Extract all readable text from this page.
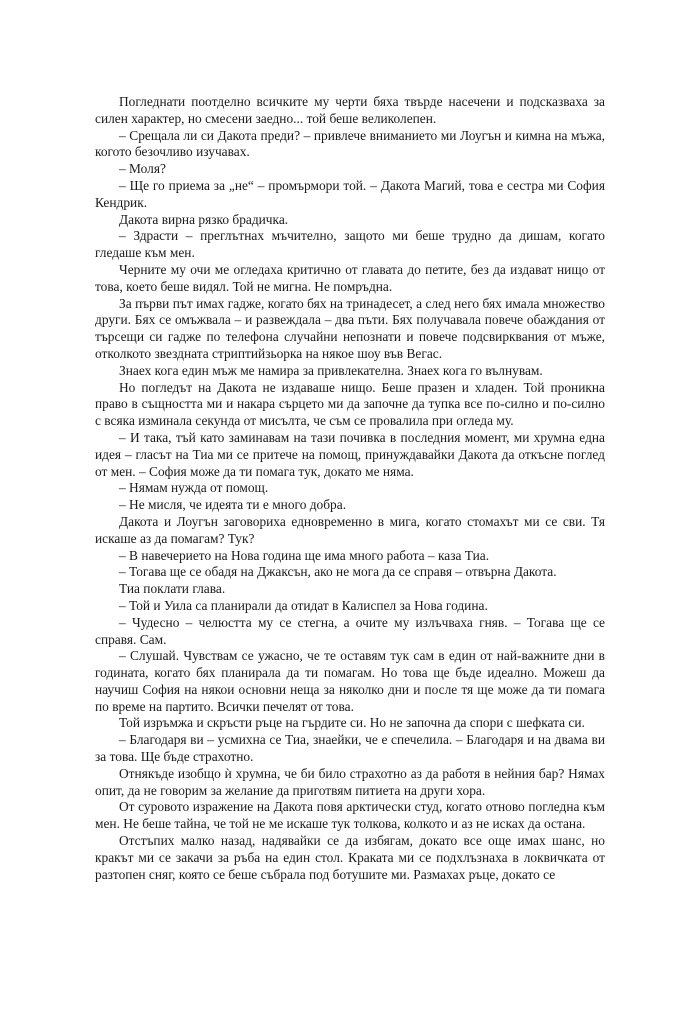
Погледнати поотделно всичките му черти бяха твърде насечени и подсказваха за силен характер, но смесени заедно... той беше великолепен.

– Срещала ли си Дакота преди? – привлече вниманието ми Лоугън и кимна на мъжа, когото безочливо изучавах.

– Моля?

– Ще го приема за „не“ – промърмори той. – Дакота Магий, това е сестра ми София Кендрик.

Дакота вирна рязко брадичка.

– Здрасти – преглътнах мъчително, защото ми беше трудно да дишам, когато гледаше към мен.

Черните му очи ме огледаха критично от главата до петите, без да издават нищо от това, което беше видял. Той не мигна. Не помръдна.

За първи път имах гадже, когато бях на тринадесет, а след него бях имала множество други. Бях се омъжвала – и развеждала – два пъти. Бях получавала повече обаждания от търсещи си гадже по телефона случайни непознати и повече подсвирквания от мъже, отколкото звездната стриптийзьорка на някое шоу във Вегас.

Знаех кога един мъж ме намира за привлекателна. Знаех кога го вълнувам.

Но погледът на Дакота не издаваше нищо. Беше празен и хладен. Той проникна право в същността ми и накара сърцето ми да започне да тупка все по-силно и по-силно с всяка изминала секунда от мисълта, че съм се провалила при огледа му.

– И така, тъй като заминавам на тази почивка в последния момент, ми хрумна една идея – гласът на Тиа ми се притече на помощ, принуждавайки Дакота да откъсне поглед от мен. – София може да ти помага тук, докато ме няма.

– Нямам нужда от помощ.

– Не мисля, че идеята ти е много добра.

Дакота и Лоугън заговориха едновременно в мига, когато стомахът ми се сви. Тя искаше аз да помагам? Тук?

– В навечерието на Нова година ще има много работа – каза Тиа.

– Тогава ще се обадя на Джаксън, ако не мога да се справя – отвърна Дакота.

Тиа поклати глава.

– Той и Уила са планирали да отидат в Калиспел за Нова година.

– Чудесно – челюстта му се стегна, а очите му излъчваха гняв. – Тогава ще се справя. Сам.

– Слушай. Чувствам се ужасно, че те оставям тук сам в един от най-важните дни в годината, когато бях планирала да ти помагам. Но това ще бъде идеално. Можеш да научиш София на някои основни неща за няколко дни и после тя ще може да ти помага по време на партито. Всички печелят от това.

Той изръмжа и скръсти ръце на гърдите си. Но не започна да спори с шефката си.

– Благодаря ви – усмихна се Тиа, знаейки, че е спечелила. – Благодаря и на двама ви за това. Ще бъде страхотно.

Отнякъде изобщо ѝ хрумна, че би било страхотно аз да работя в нейния бар? Нямах опит, да не говорим за желание да приготвям питиета на други хора.

От суровото изражение на Дакота повя арктически студ, когато отново погледна към мен. Не беше тайна, че той не ме искаше тук толкова, колкото и аз не исках да остана.

Отстъпих малко назад, надявайки се да избягам, докато все още имах шанс, но кракът ми се закачи за ръба на един стол. Краката ми се подхлъзнаха в локвичката от разтопен сняг, която се беше събрала под ботушите ми. Размахах ръце, докато се
